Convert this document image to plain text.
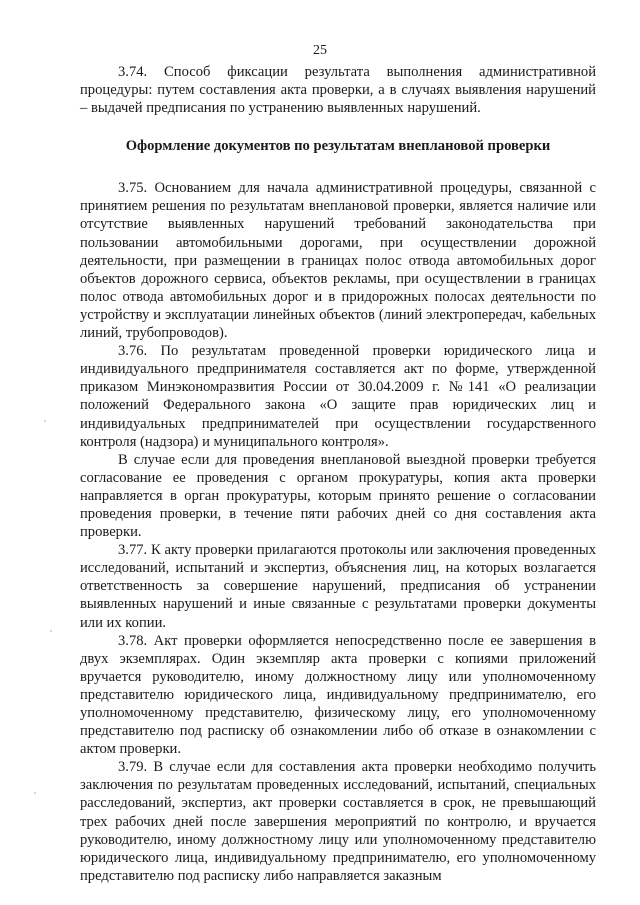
25

3.74. Способ фиксации результата выполнения административной процедуры: путем составления акта проверки, а в случаях выявления нарушений – выдачей предписания по устранению выявленных нарушений.

Оформление документов по результатам внеплановой проверки

3.75. Основанием для начала административной процедуры, связанной с принятием решения по результатам внеплановой проверки, является наличие или отсутствие выявленных нарушений требований законодательства при пользовании автомобильными дорогами, при осуществлении дорожной деятельности, при размещении в границах полос отвода автомобильных дорог объектов дорожного сервиса, объектов рекламы, при осуществлении в границах полос отвода автомобильных дорог и в придорожных полосах деятельности по устройству и эксплуатации линейных объектов (линий электропередач, кабельных линий, трубопроводов).

3.76. По результатам проведенной проверки юридического лица и индивидуального предпринимателя составляется акт по форме, утвержденной приказом Минэкономразвития России от 30.04.2009 г. №141 «О реализации положений Федерального закона «О защите прав юридических лиц и индивидуальных предпринимателей при осуществлении государственного контроля (надзора) и муниципального контроля».

В случае если для проведения внеплановой выездной проверки требуется согласование ее проведения с органом прокуратуры, копия акта проверки направляется в орган прокуратуры, которым принято решение о согласовании проведения проверки, в течение пяти рабочих дней со дня составления акта проверки.

3.77. К акту проверки прилагаются протоколы или заключения проведенных исследований, испытаний и экспертиз, объяснения лиц, на которых возлагается ответственность за совершение нарушений, предписания об устранении выявленных нарушений и иные связанные с результатами проверки документы или их копии.

3.78. Акт проверки оформляется непосредственно после ее завершения в двух экземплярах. Один экземпляр акта проверки с копиями приложений вручается руководителю, иному должностному лицу или уполномоченному представителю юридического лица, индивидуальному предпринимателю, его уполномоченному представителю, физическому лицу, его уполномоченному представителю под расписку об ознакомлении либо об отказе в ознакомлении с актом проверки.

3.79. В случае если для составления акта проверки необходимо получить заключения по результатам проведенных исследований, испытаний, специальных расследований, экспертиз, акт проверки составляется в срок, не превышающий трех рабочих дней после завершения мероприятий по контролю, и вручается руководителю, иному должностному лицу или уполномоченному представителю юридического лица, индивидуальному предпринимателю, его уполномоченному представителю под расписку либо направляется заказным
